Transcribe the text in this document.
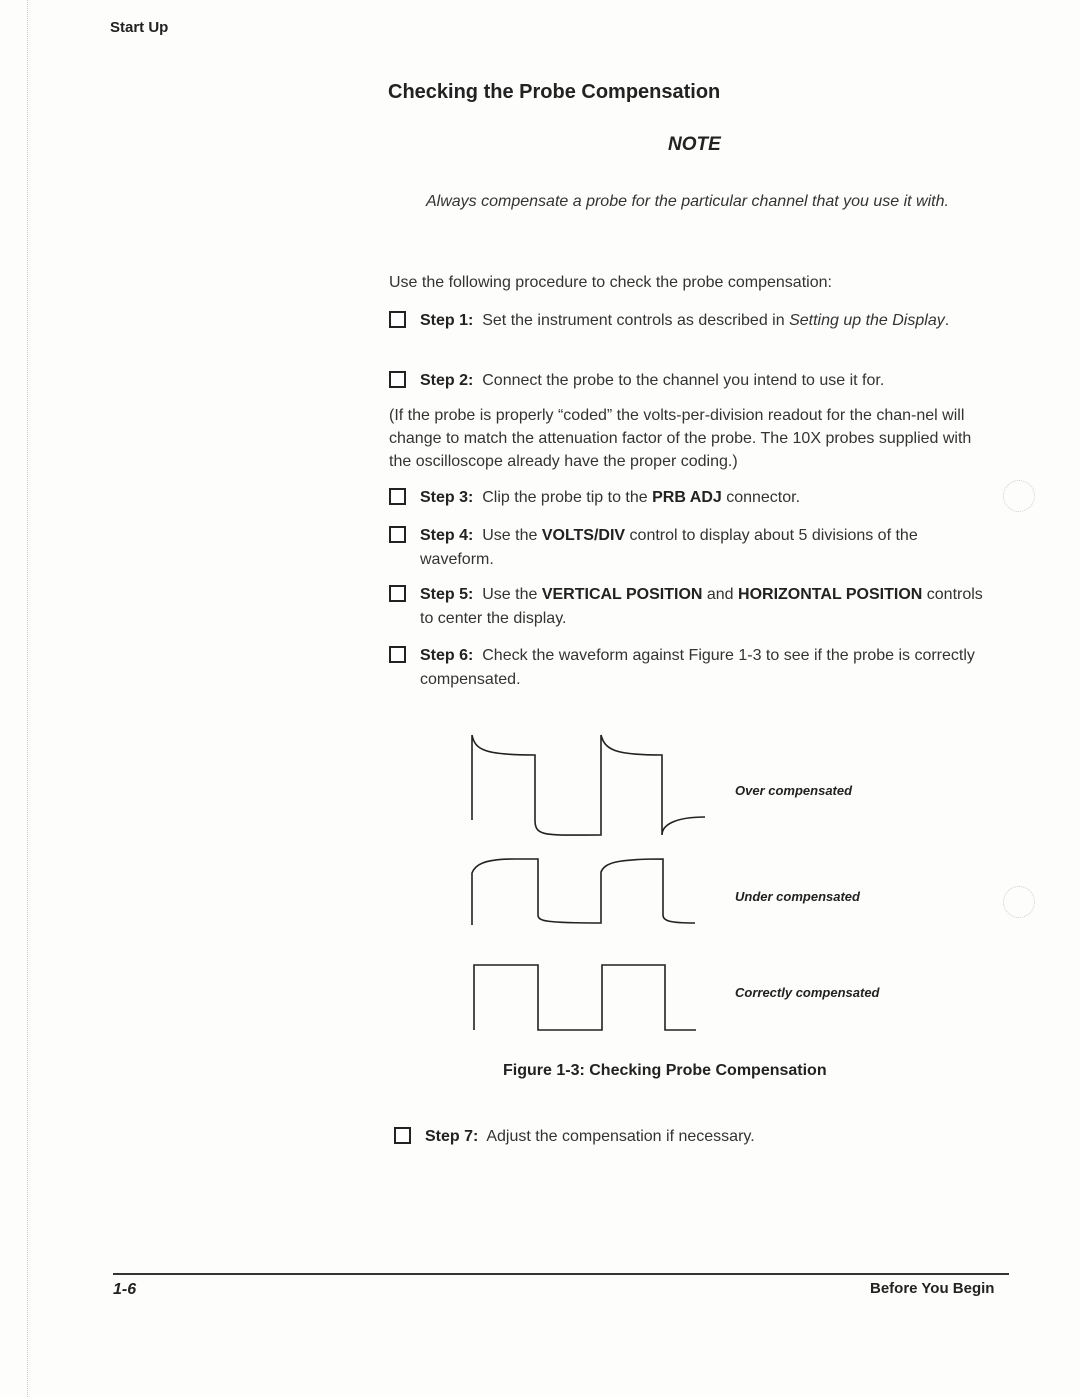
Start Up
Checking the Probe Compensation
NOTE
Always compensate a probe for the particular channel that you use it with.
Use the following procedure to check the probe compensation:
Step 1: Set the instrument controls as described in Setting up the Display.
Step 2: Connect the probe to the channel you intend to use it for.
(If the probe is properly “coded” the volts-per-division readout for the chan-nel will change to match the attenuation factor of the probe. The 10X probes supplied with the oscilloscope already have the proper coding.)
Step 3: Clip the probe tip to the PRB ADJ connector.
Step 4: Use the VOLTS/DIV control to display about 5 divisions of the waveform.
Step 5: Use the VERTICAL POSITION and HORIZONTAL POSITION controls to center the display.
Step 6: Check the waveform against Figure 1-3 to see if the probe is correctly compensated.
Over compensated
Under compensated
Correctly compensated
Figure 1-3: Checking Probe Compensation
Step 7: Adjust the compensation if necessary.
1-6	Before You Begin
